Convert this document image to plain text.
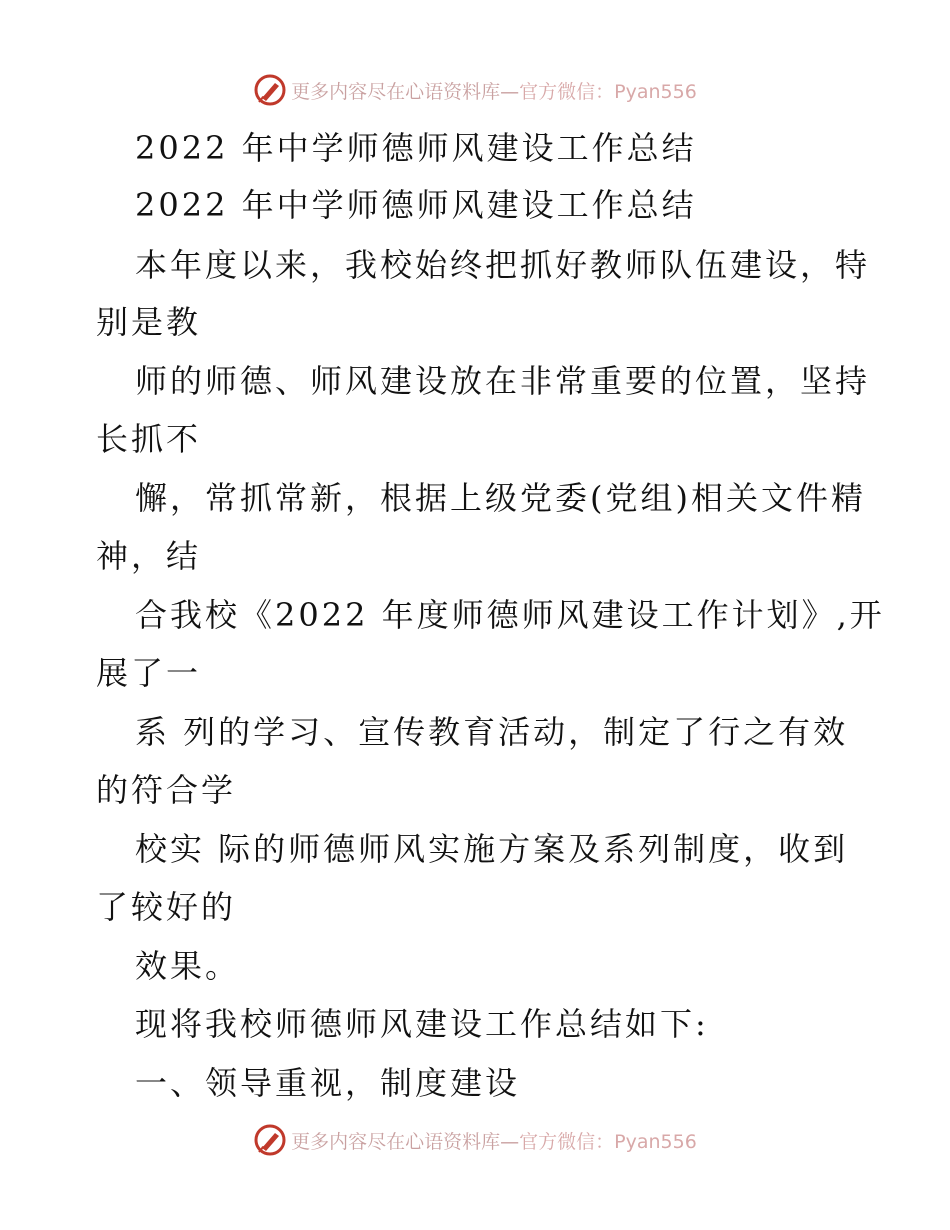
更多内容尽在心语资料库—官方微信：Pyan556
2022 年中学师德师风建设工作总结
2022 年中学师德师风建设工作总结
本年度以来，我校始终把抓好教师队伍建设，特
别是教
师的师德、师风建设放在非常重要的位置，坚持
长抓不
懈，常抓常新，根据上级党委(党组)相关文件精
神，结
合我校《2022 年度师德师风建设工作计划》,开
展了一
系 列的学习、宣传教育活动，制定了行之有效
的符合学
校实 际的师德师风实施方案及系列制度，收到
了较好的
效果。
现将我校师德师风建设工作总结如下:
一、领导重视，制度建设
更多内容尽在心语资料库—官方微信：Pyan556
